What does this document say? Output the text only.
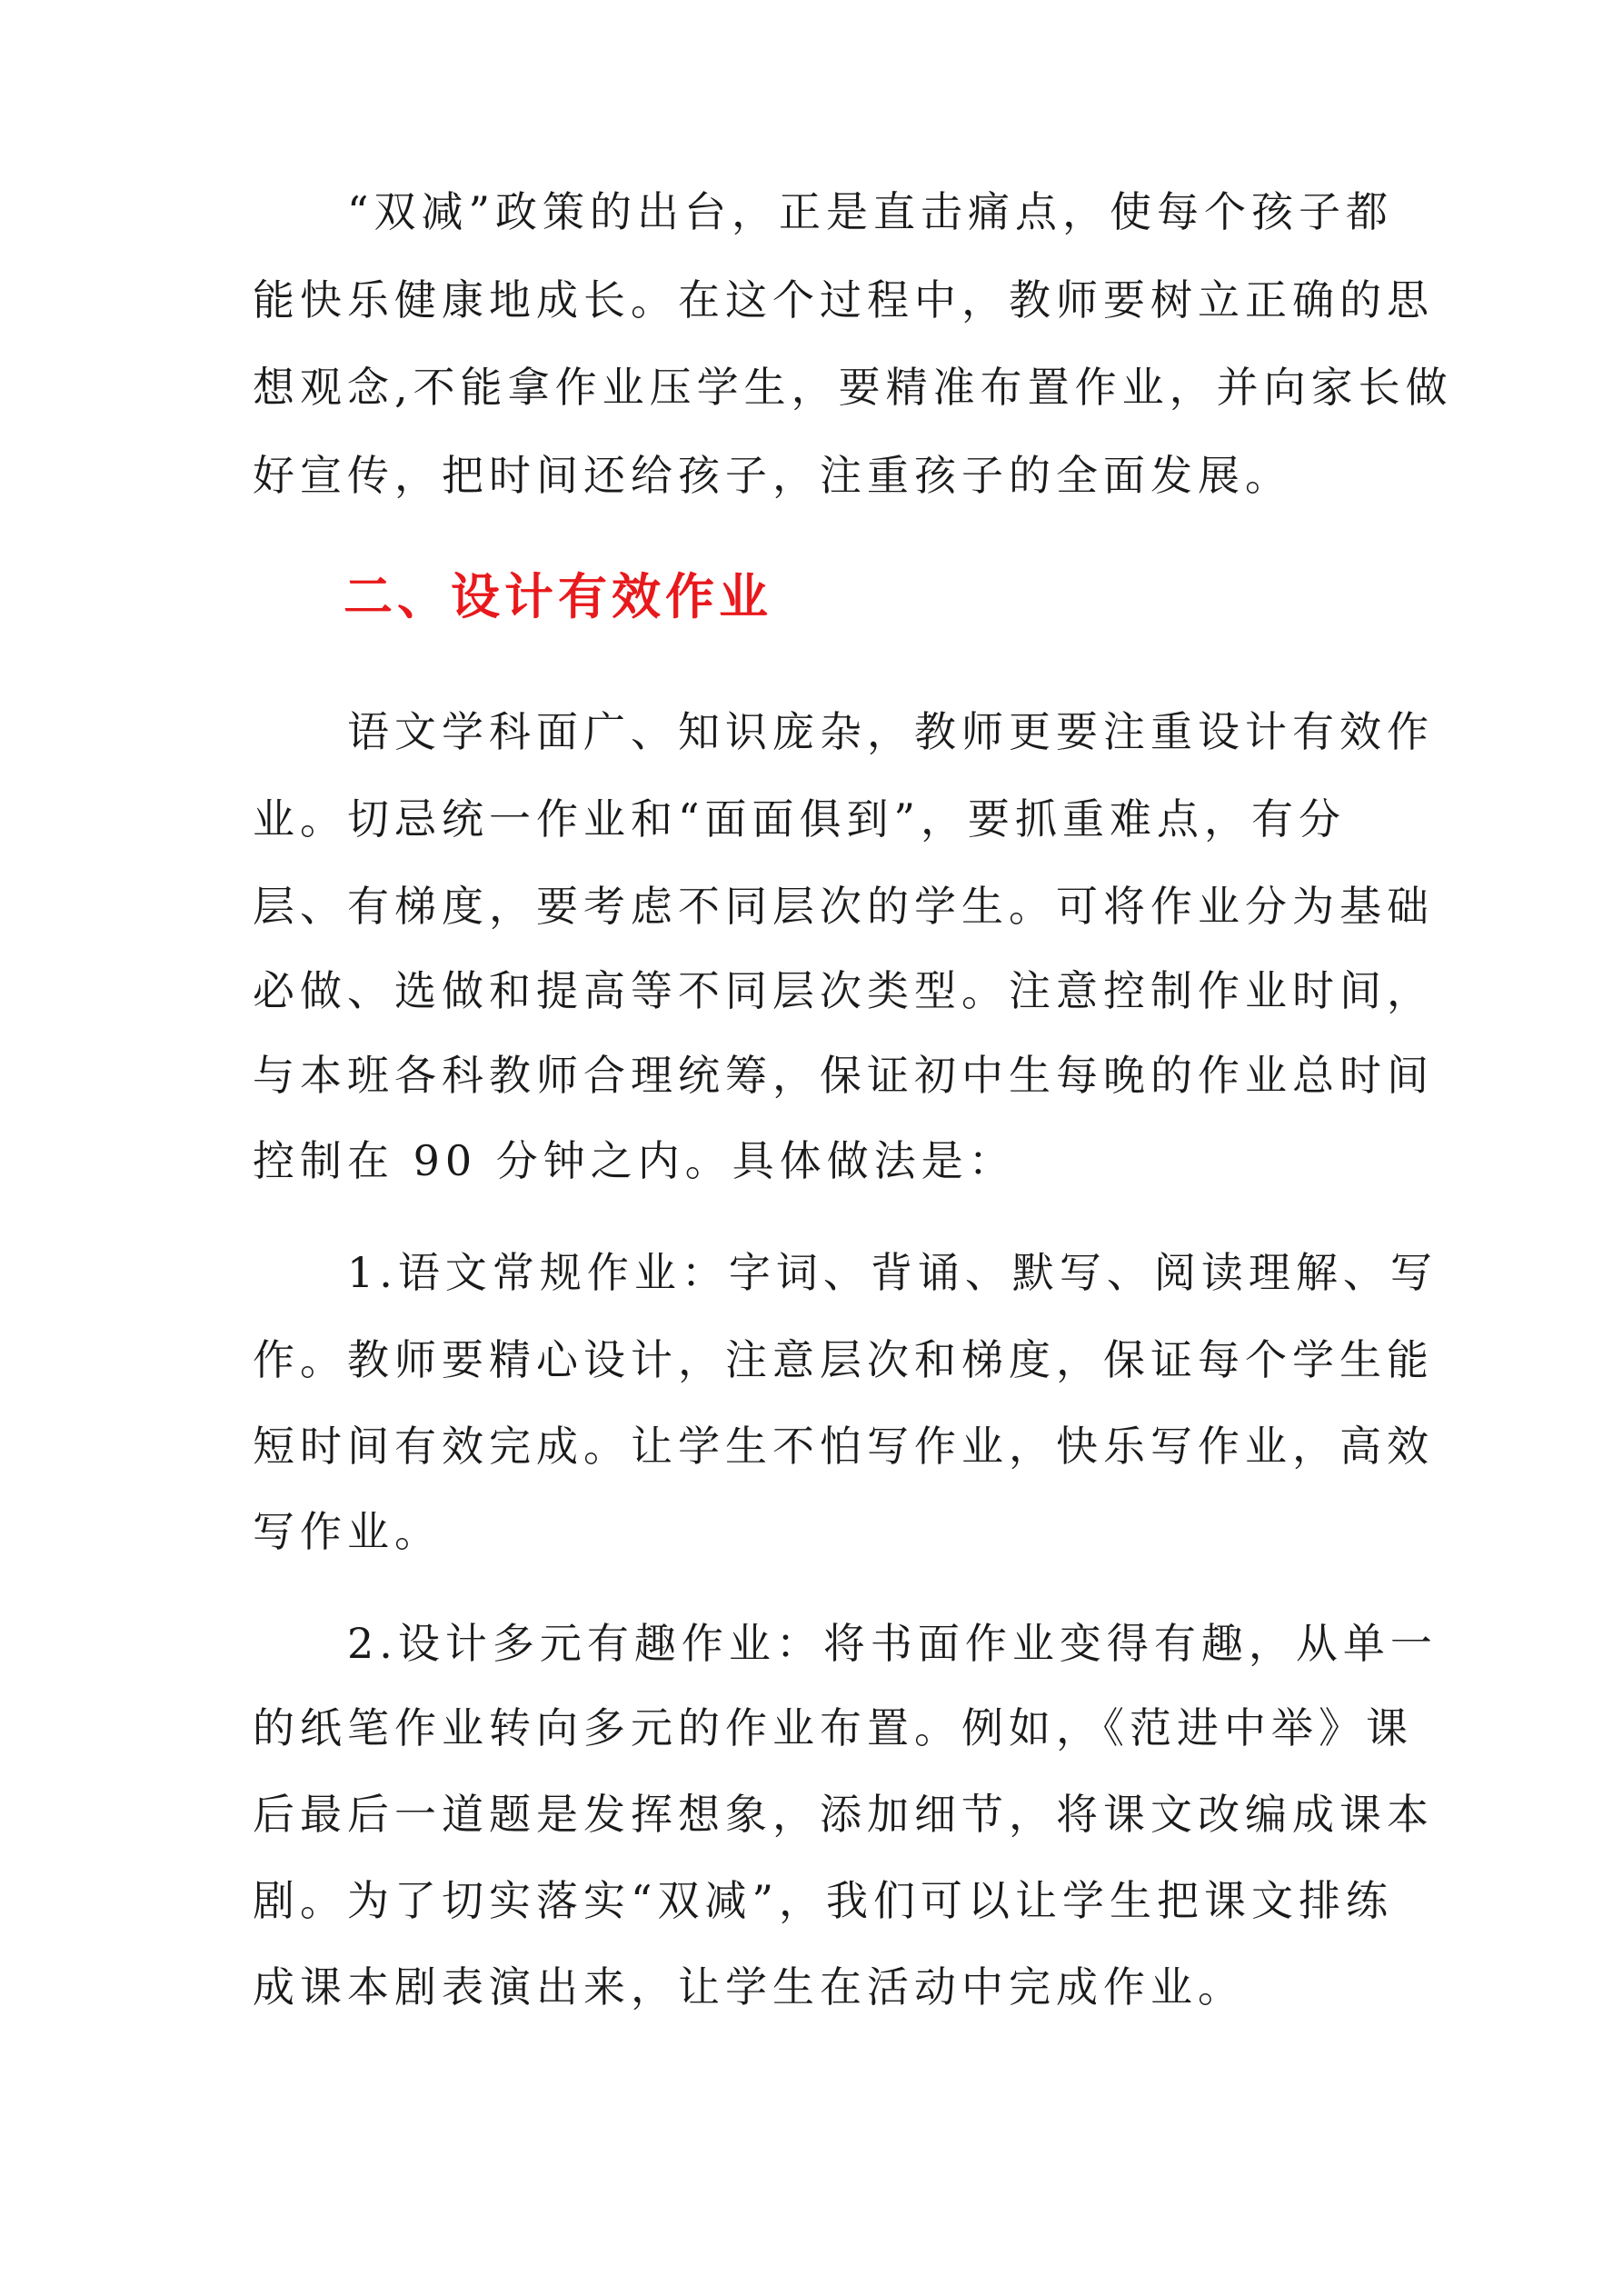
　　“双减”政策的出台，正是直击痛点，使每个孩子都

能快乐健康地成长。在这个过程中，教师要树立正确的思

想观念,不能拿作业压学生，要精准布置作业，并向家长做

好宣传，把时间还给孩子，注重孩子的全面发展。

二、设计有效作业

　　语文学科面广、知识庞杂，教师更要注重设计有效作

业。切忌统一作业和“面面俱到”，要抓重难点，有分

层、有梯度，要考虑不同层次的学生。可将作业分为基础

必做、选做和提高等不同层次类型。注意控制作业时间，

与本班各科教师合理统筹，保证初中生每晚的作业总时间

控制在 90 分钟之内。具体做法是：

　　1.语文常规作业：字词、背诵、默写、阅读理解、写

作。教师要精心设计，注意层次和梯度，保证每个学生能

短时间有效完成。让学生不怕写作业，快乐写作业，高效

写作业。

　　2.设计多元有趣作业：将书面作业变得有趣，从单一

的纸笔作业转向多元的作业布置。例如，《范进中举》课

后最后一道题是发挥想象，添加细节，将课文改编成课本

剧。为了切实落实“双减”，我们可以让学生把课文排练

成课本剧表演出来，让学生在活动中完成作业。
